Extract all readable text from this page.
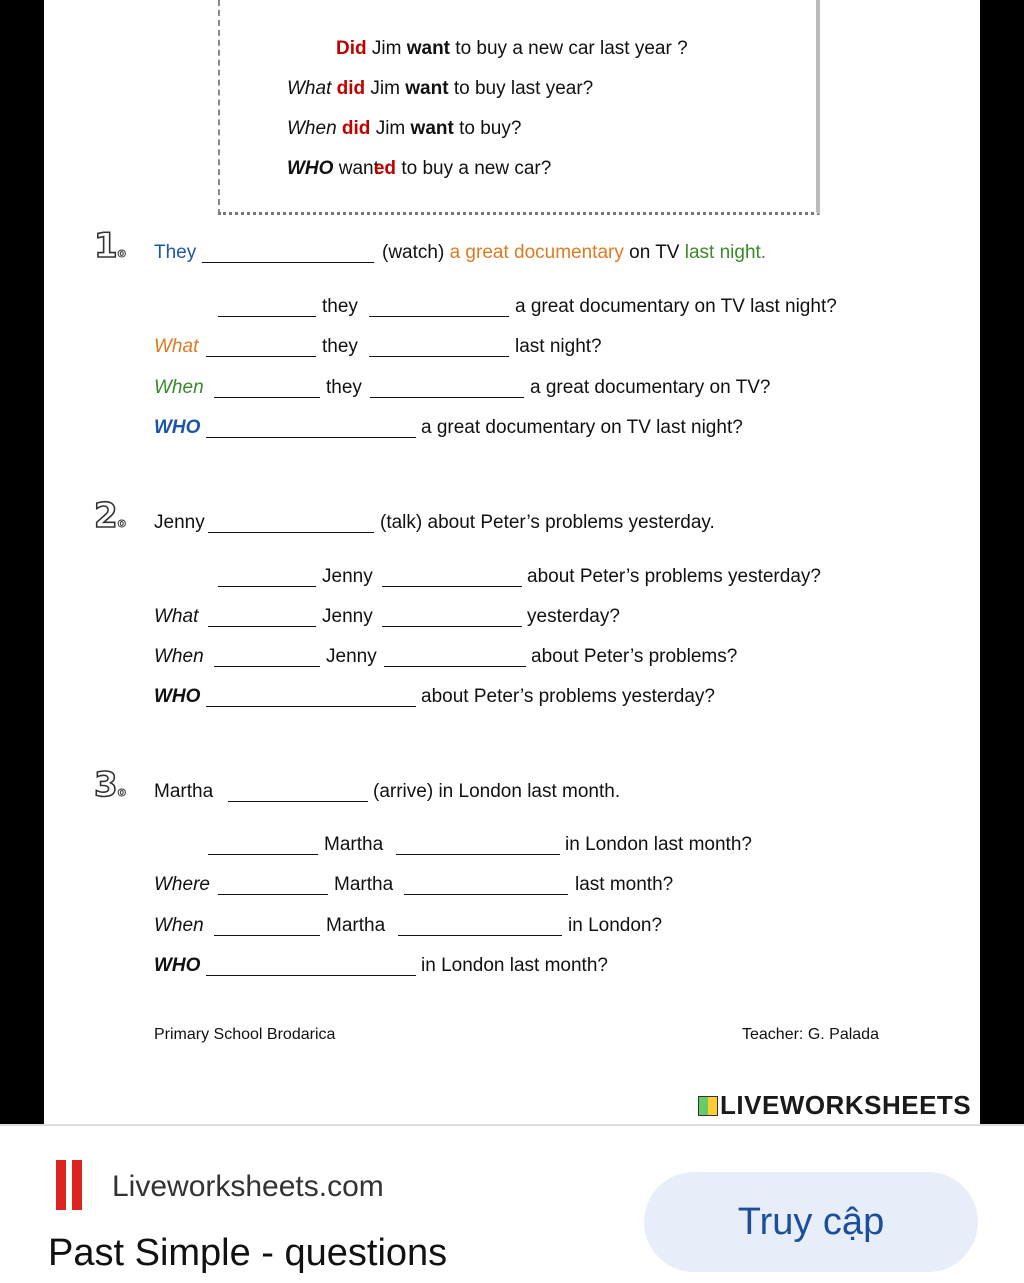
Did Jim want to buy a new car last year ?
What did Jim want to buy last year?
When did Jim want to buy?
WHO wanted to buy a new car?
1o They	(watch) a great documentary on TV last night.
they	a great documentary on TV last night?
What	they	last night?
When	they	a great documentary on TV?
WHO	a great documentary on TV last night?
2o Jenny	(talk) about Peter’s problems yesterday.
Jenny	about Peter’s problems yesterday?
What	Jenny	yesterday?
When	Jenny	about Peter’s problems?
WHO	about Peter’s problems yesterday?
3o Martha	(arrive) in London last month.
Martha	in London last month?
Where	Martha	last month?
When	Martha	in London?
WHO	in London last month?
Primary School Brodarica	Teacher: G. Palada
LIVEWORKSHEETS
Liveworksheets.com
Past Simple - questions
Truy cập
